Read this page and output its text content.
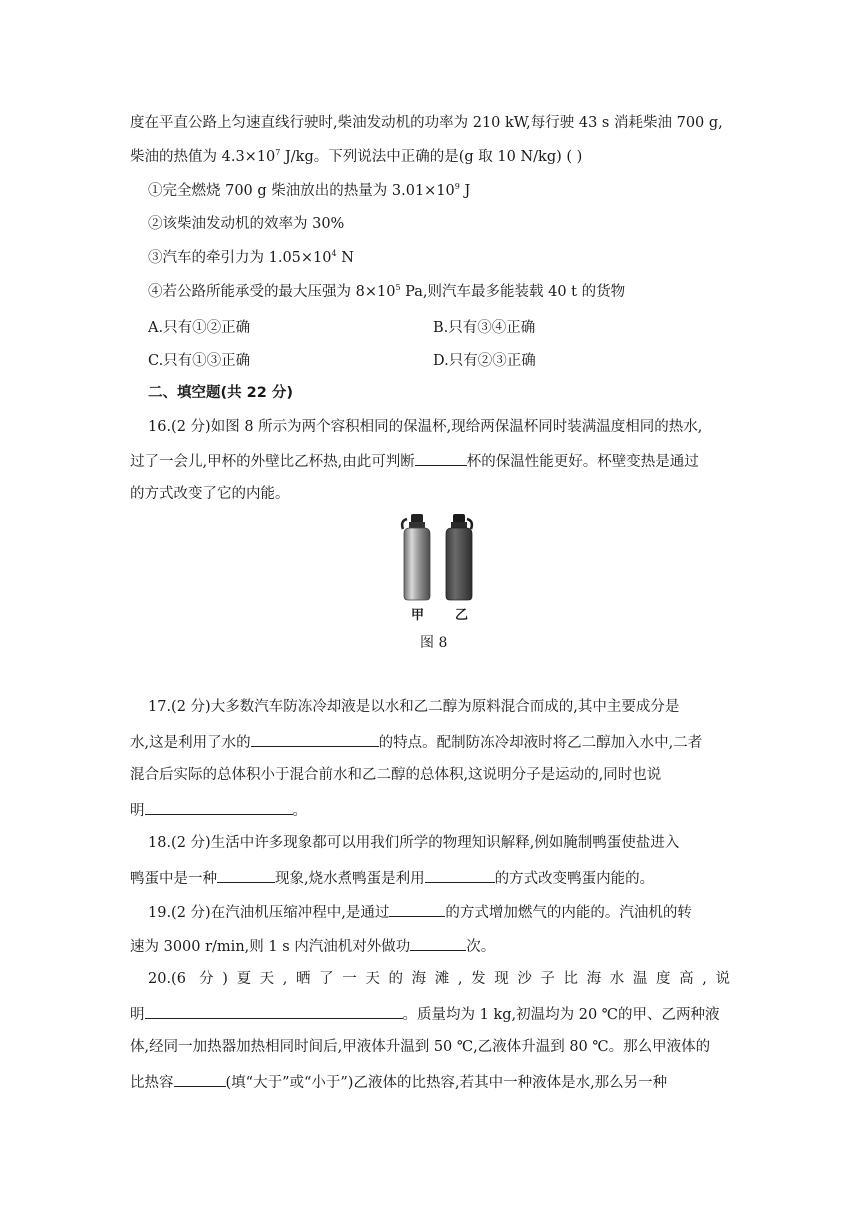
度在平直公路上匀速直线行驶时,柴油发动机的功率为 210 kW,每行驶 43 s 消耗柴油 700 g,
柴油的热值为 $4.3\times 10^7$ J/kg。下列说法中正确的是(g 取 10 N/kg) ( )
①完全燃烧 700 g 柴油放出的热量为 $3.01\times 10^9$ J
②该柴油发动机的效率为 30%
③汽车的牵引力为 $1.05\times 10^4$ N
④若公路所能承受的最大压强为 $8\times 10^5$ Pa,则汽车最多能装载 40 t 的货物
A.只有①②正确	B.只有③④正确
C.只有①③正确	D.只有②③正确
二、填空题(共 22 分)
16.(2 分)如图 8 所示为两个容积相同的保温杯,现给两保温杯同时装满温度相同的热水,
过了一会儿,甲杯的外壁比乙杯热,由此可判断	杯的保温性能更好。杯壁变热是通过
的方式改变了它的内能。
甲 乙
图 8
17.(2 分)大多数汽车防冻冷却液是以水和乙二醇为原料混合而成的,其中主要成分是
水,这是利用了水的	的特点。配制防冻冷却液时将乙二醇加入水中,二者
混合后实际的总体积小于混合前水和乙二醇的总体积,这说明分子是运动的,同时也说
明	。
18.(2 分)生活中许多现象都可以用我们所学的物理知识解释,例如腌制鸭蛋使盐进入
鸭蛋中是一种	现象,烧水煮鸭蛋是利用	的方式改变鸭蛋内能的。
19.(2 分)在汽油机压缩冲程中,是通过	的方式增加燃气的内能的。汽油机的转
速为 3000 r/min,则 1 s 内汽油机对外做功	次。
20.(6 分)夏天,晒了一天的海滩,发现沙子比海水温度高,说
明	。质量均为 1 kg,初温均为 20 ℃的甲、乙两种液
体,经同一加热器加热相同时间后,甲液体升温到 50 ℃,乙液体升温到 80 ℃。那么甲液体的
比热容	(填“大于”或“小于”)乙液体的比热容,若其中一种液体是水,那么另一种
